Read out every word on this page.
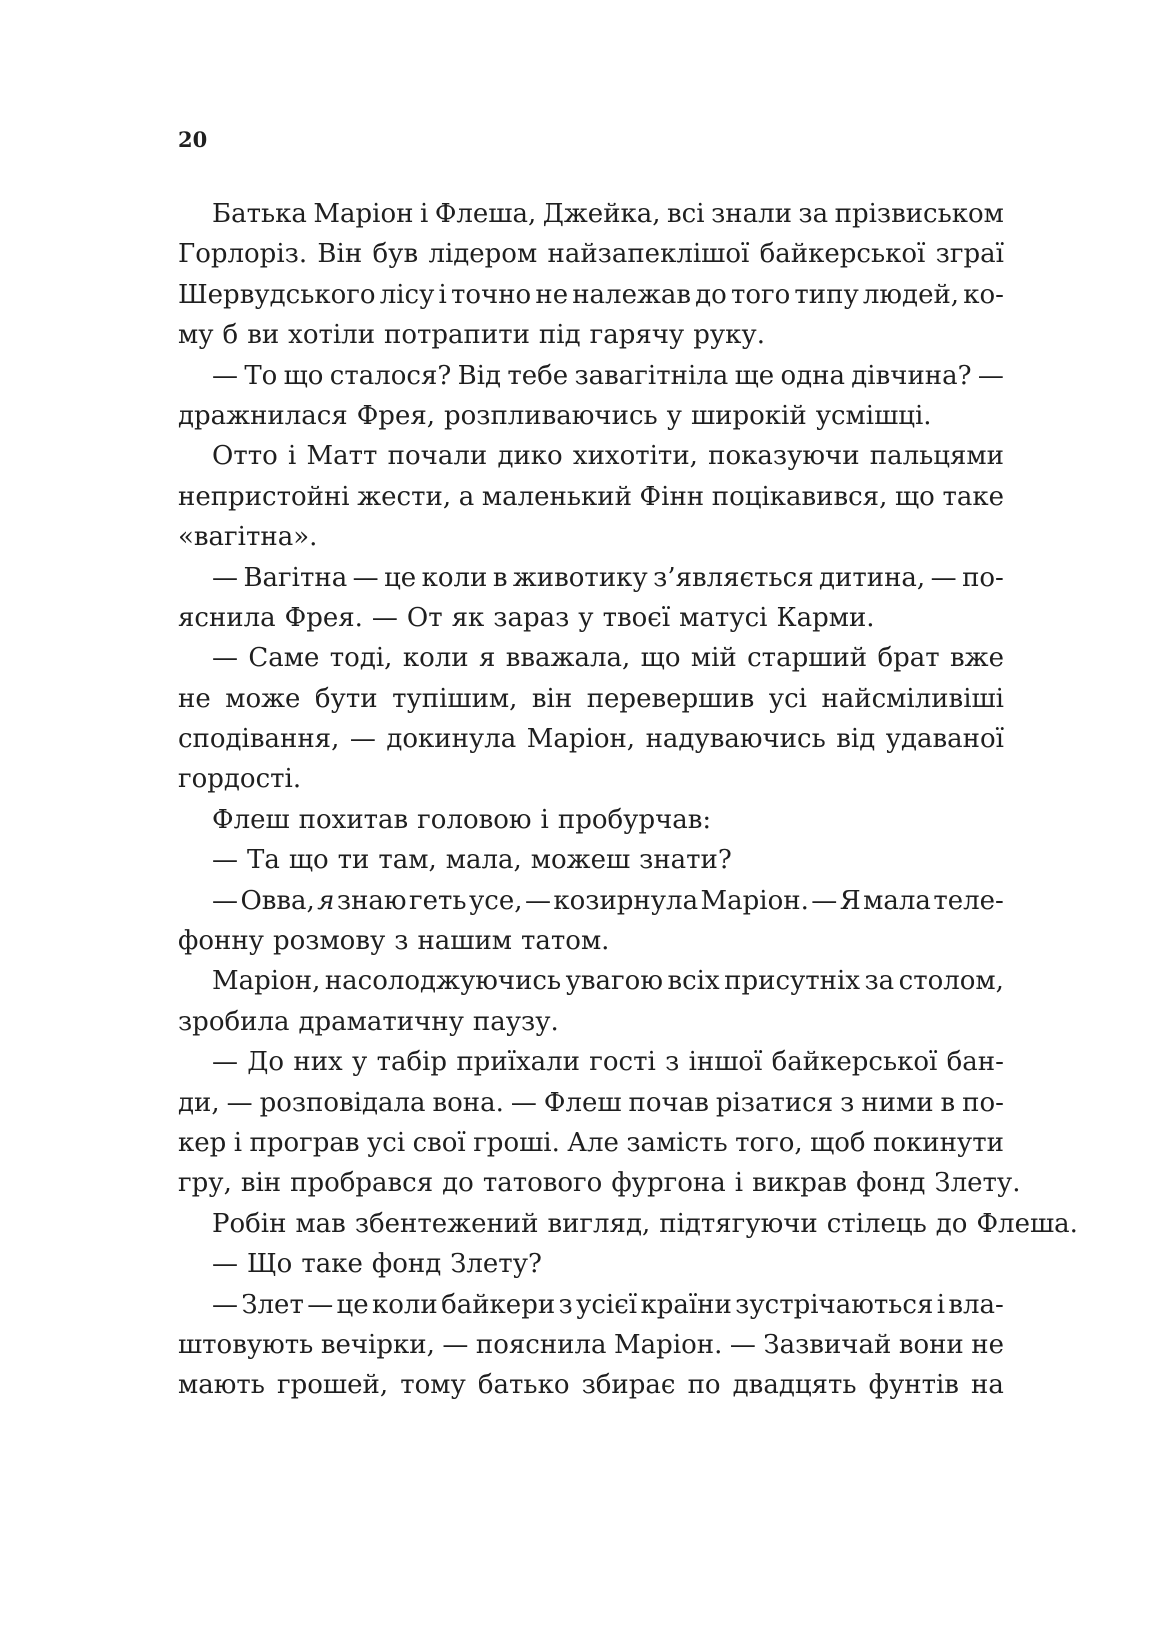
20
Батька Маріон і Флеша, Джейка, всі знали за прізвиськом
Горлоріз. Він був лідером найзапеклішої байкерської зграї
Шервудського лісу і точно не належав до того типу людей, ко-
му б ви хотіли потрапити під гарячу руку.
— То що сталося? Від тебе завагітніла ще одна дівчина? —
дражнилася Фрея, розпливаючись у широкій усмішці.
Отто і Матт почали дико хихотіти, показуючи пальцями
непристойні жести, а маленький Фінн поцікавився, що таке
«вагітна».
— Вагітна — це коли в животику з’являється дитина, — по-
яснила Фрея. — От як зараз у твоєї матусі Карми.
— Саме тоді, коли я вважала, що мій старший брат вже
не може бути тупішим, він перевершив усі найсміливіші
сподівання, — докинула Маріон, надуваючись від удаваної
гордості.
Флеш похитав головою і пробурчав:
— Та що ти там, мала, можеш знати?
— Овва, я знаю геть усе, — козирнула Маріон. — Я мала теле-
фонну розмову з нашим татом.
Маріон, насолоджуючись увагою всіх присутніх за столом,
зробила драматичну паузу.
— До них у табір приїхали гості з іншої байкерської бан-
ди, — розповідала вона. — Флеш почав різатися з ними в по-
кер і програв усі свої гроші. Але замість того, щоб покинути
гру, він пробрався до татового фургона і викрав фонд Злету.
Робін мав збентежений вигляд, підтягуючи стілець до Флеша.
— Що таке фонд Злету?
— Злет — це коли байкери з усієї країни зустрічаються і вла-
штовують вечірки, — пояснила Маріон. — Зазвичай вони не
мають грошей, тому батько збирає по двадцять фунтів на
